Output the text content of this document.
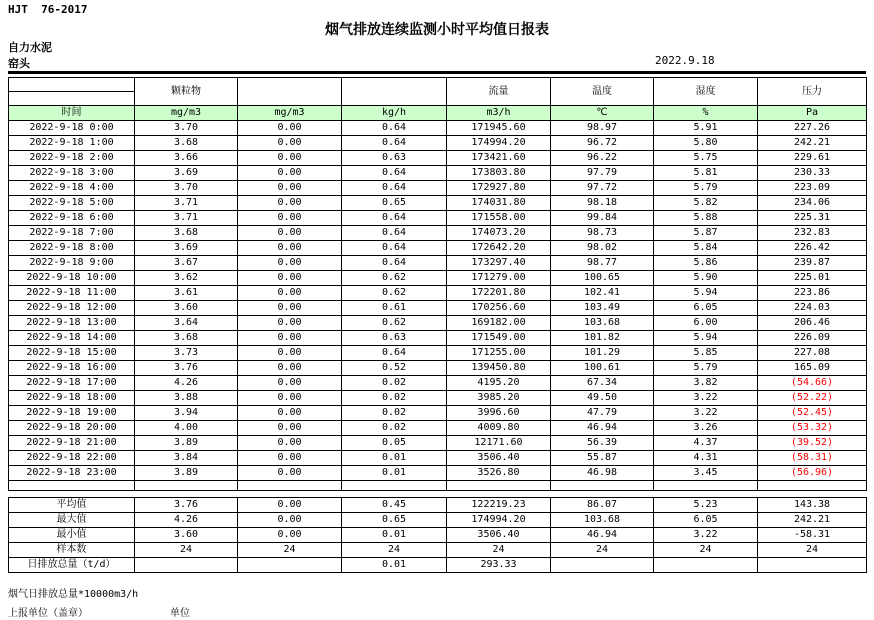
HJT  76-2017
烟气排放连续监测小时平均值日报表
自力水泥
窑头	2022.9.18
	颗粒物			流量	温度	湿度	压力

时间	mg/m3	mg/m3	kg/h	m3/h	℃	%	Pa
2022-9-18 0:00	3.70	0.00	0.64	171945.60	98.97	5.91	227.26
2022-9-18 1:00	3.68	0.00	0.64	174994.20	96.72	5.80	242.21
2022-9-18 2:00	3.66	0.00	0.63	173421.60	96.22	5.75	229.61
2022-9-18 3:00	3.69	0.00	0.64	173803.80	97.79	5.81	230.33
2022-9-18 4:00	3.70	0.00	0.64	172927.80	97.72	5.79	223.09
2022-9-18 5:00	3.71	0.00	0.65	174031.80	98.18	5.82	234.06
2022-9-18 6:00	3.71	0.00	0.64	171558.00	99.84	5.88	225.31
2022-9-18 7:00	3.68	0.00	0.64	174073.20	98.73	5.87	232.83
2022-9-18 8:00	3.69	0.00	0.64	172642.20	98.02	5.84	226.42
2022-9-18 9:00	3.67	0.00	0.64	173297.40	98.77	5.86	239.87
2022-9-18 10:00	3.62	0.00	0.62	171279.00	100.65	5.90	225.01
2022-9-18 11:00	3.61	0.00	0.62	172201.80	102.41	5.94	223.86
2022-9-18 12:00	3.60	0.00	0.61	170256.60	103.49	6.05	224.03
2022-9-18 13:00	3.64	0.00	0.62	169182.00	103.68	6.00	206.46
2022-9-18 14:00	3.68	0.00	0.63	171549.00	101.82	5.94	226.09
2022-9-18 15:00	3.73	0.00	0.64	171255.00	101.29	5.85	227.08
2022-9-18 16:00	3.76	0.00	0.52	139450.80	100.61	5.79	165.09
2022-9-18 17:00	4.26	0.00	0.02	4195.20	67.34	3.82	(54.66)
2022-9-18 18:00	3.88	0.00	0.02	3985.20	49.50	3.22	(52.22)
2022-9-18 19:00	3.94	0.00	0.02	3996.60	47.79	3.22	(52.45)
2022-9-18 20:00	4.00	0.00	0.02	4009.80	46.94	3.26	(53.32)
2022-9-18 21:00	3.89	0.00	0.05	12171.60	56.39	4.37	(39.52)
2022-9-18 22:00	3.84	0.00	0.01	3506.40	55.87	4.31	(58.31)
2022-9-18 23:00	3.89	0.00	0.01	3526.80	46.98	3.45	(56.96)

平均值	3.76	0.00	0.45	122219.23	86.07	5.23	143.38
最大值	4.26	0.00	0.65	174994.20	103.68	6.05	242.21
最小值	3.60	0.00	0.01	3506.40	46.94	3.22	-58.31
样本数	24	24	24	24	24	24	24
日排放总量（t/d）			0.01	293.33			
烟气日排放总量*10000m3/h
上报单位（盖章）	单位
